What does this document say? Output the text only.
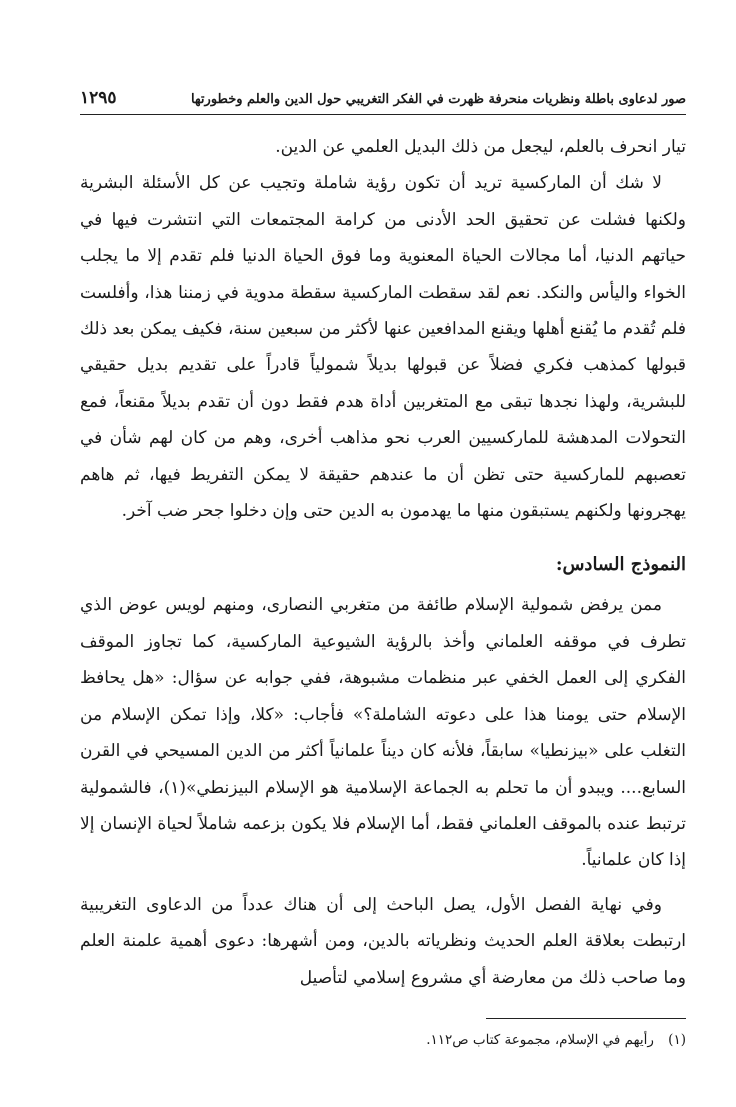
صور لدعاوى باطلة ونظريات منحرفة ظهرت في الفكر التغريبي حول الدين والعلم وخطورتها
١٢٩٥

تيار انحرف بالعلم، ليجعل من ذلك البديل العلمي عن الدين.

لا شك أن الماركسية تريد أن تكون رؤية شاملة وتجيب عن كل الأسئلة البشرية ولكنها فشلت عن تحقيق الحد الأدنى من كرامة المجتمعات التي انتشرت فيها في حياتهم الدنيا، أما مجالات الحياة المعنوية وما فوق الحياة الدنيا فلم تقدم إلا ما يجلب الخواء واليأس والنكد. نعم لقد سقطت الماركسية سقطة مدوية في زمننا هذا، وأفلست فلم تُقدم ما يُقنع أهلها ويقنع المدافعين عنها لأكثر من سبعين سنة، فكيف يمكن بعد ذلك قبولها كمذهب فكري فضلاً عن قبولها بديلاً شمولياً قادراً على تقديم بديل حقيقي للبشرية، ولهذا نجدها تبقى مع المتغربين أداة هدم فقط دون أن تقدم بديلاً مقنعاً، فمع التحولات المدهشة للماركسيين العرب نحو مذاهب أخرى، وهم من كان لهم شأن في تعصبهم للماركسية حتى تظن أن ما عندهم حقيقة لا يمكن التفريط فيها، ثم هاهم يهجرونها ولكنهم يستبقون منها ما يهدمون به الدين حتى وإن دخلوا جحر ضب آخر.

النموذج السادس:

ممن يرفض شمولية الإسلام طائفة من متغربي النصارى، ومنهم لويس عوض الذي تطرف في موقفه العلماني وأخذ بالرؤية الشيوعية الماركسية، كما تجاوز الموقف الفكري إلى العمل الخفي عبر منظمات مشبوهة، ففي جوابه عن سؤال: «هل يحافظ الإسلام حتى يومنا هذا على دعوته الشاملة؟» فأجاب: «كلا، وإذا تمكن الإسلام من التغلب على «بيزنطيا» سابقاً، فلأنه كان ديناً علمانياً أكثر من الدين المسيحي في القرن السابع.... ويبدو أن ما تحلم به الجماعة الإسلامية هو الإسلام البيزنطي»(١)، فالشمولية ترتبط عنده بالموقف العلماني فقط، أما الإسلام فلا يكون بزعمه شاملاً لحياة الإنسان إلا إذا كان علمانياً.

وفي نهاية الفصل الأول، يصل الباحث إلى أن هناك عدداً من الدعاوى التغريبية ارتبطت بعلاقة العلم الحديث ونظرياته بالدين، ومن أشهرها: دعوى أهمية علمنة العلم وما صاحب ذلك من معارضة أي مشروع إسلامي لتأصيل

(١) رأيهم في الإسلام، مجموعة كتاب ص١١٢.
